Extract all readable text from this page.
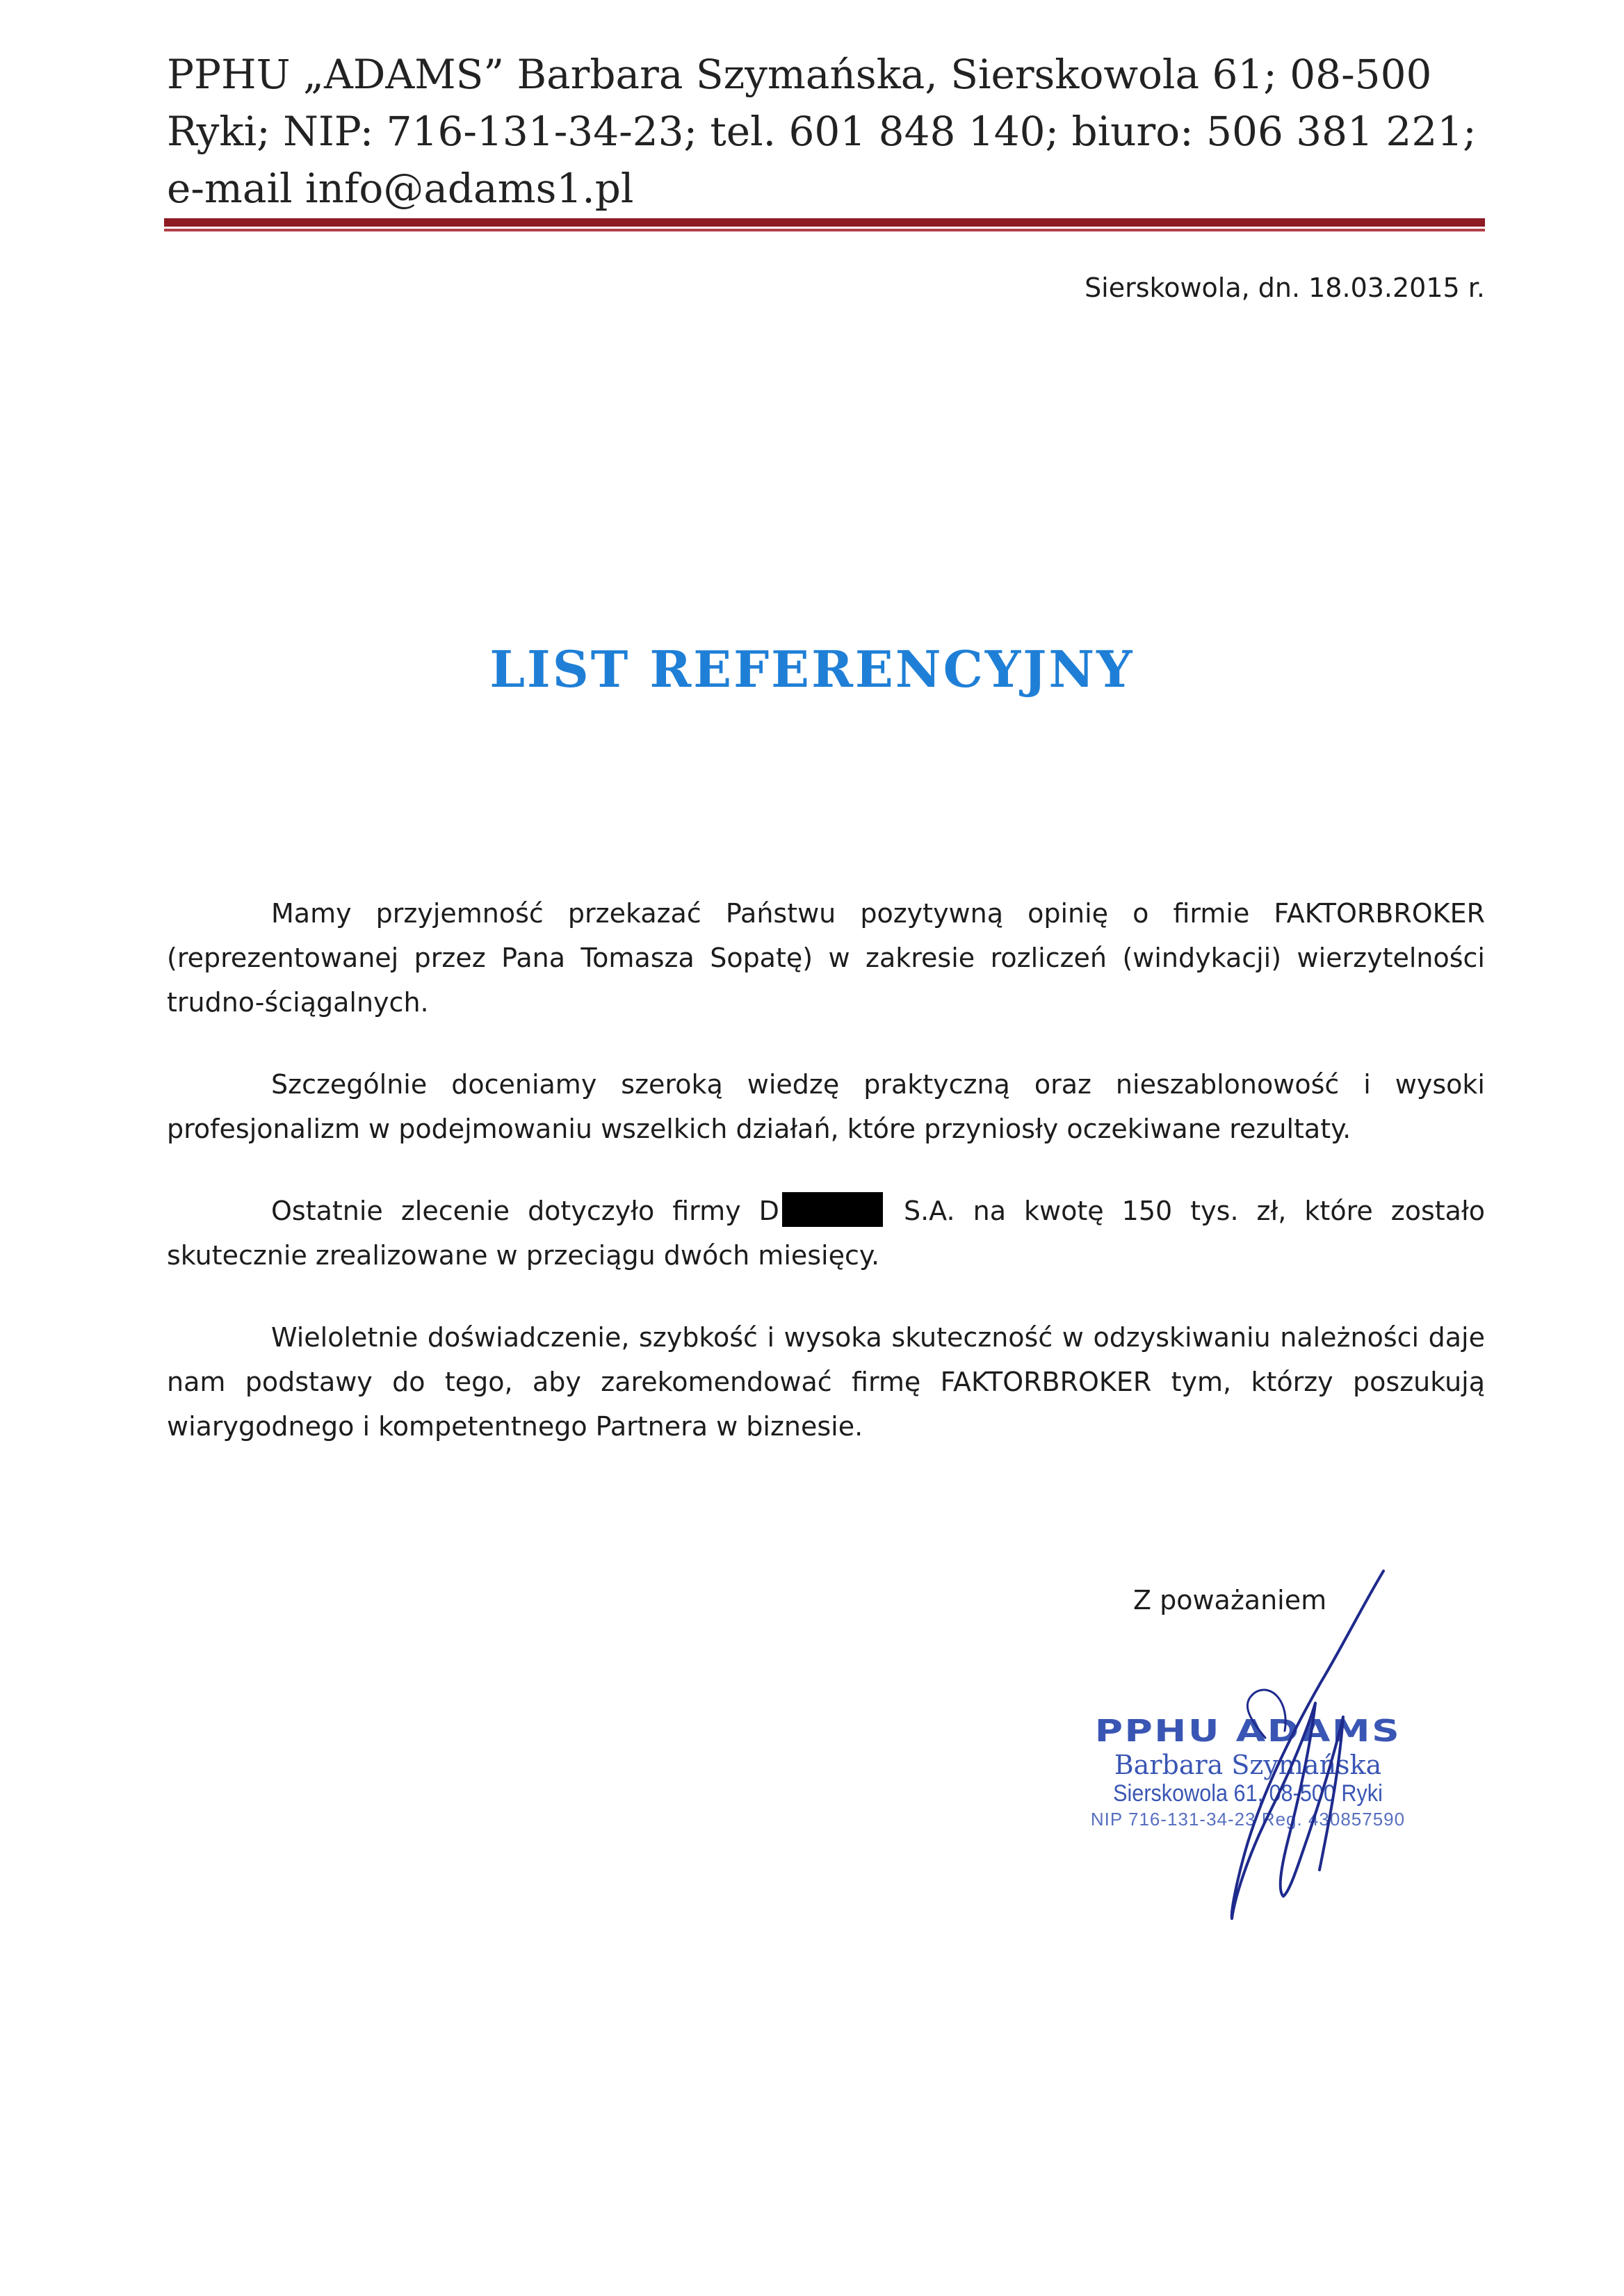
PPHU „ADAMS” Barbara Szymańska, Sierskowola 61; 08-500
Ryki; NIP: 716-131-34-23; tel. 601 848 140; biuro: 506 381 221;
e-mail info@adams1.pl
Sierskowola, dn. 18.03.2015 r.
LIST REFERENCYJNY

Mamy przyjemność przekazać Państwu pozytywną opinię o firmie FAKTORBROKER (reprezentowanej przez Pana Tomasza Sopatę) w zakresie rozliczeń (windykacji) wierzytelności trudno-ściągalnych.

Szczególnie doceniamy szeroką wiedzę praktyczną oraz nieszablonowość i wysoki profesjonalizm w podejmowaniu wszelkich działań, które przyniosły oczekiwane rezultaty.

Ostatnie zlecenie dotyczyło firmy D	S.A. na kwotę 150 tys. zł, które zostało skutecznie zrealizowane w przeciągu dwóch miesięcy.

Wieloletnie doświadczenie, szybkość i wysoka skuteczność w odzyskiwaniu należności daje nam podstawy do tego, aby zarekomendować firmę FAKTORBROKER tym, którzy poszukują wiarygodnego i kompetentnego Partnera w biznesie.

Z poważaniem
PPHU ADAMS
Barbara Szymańska
Sierskowola 61, 08-500 Ryki
NIP 716-131-34-23 Reg. 430857590
